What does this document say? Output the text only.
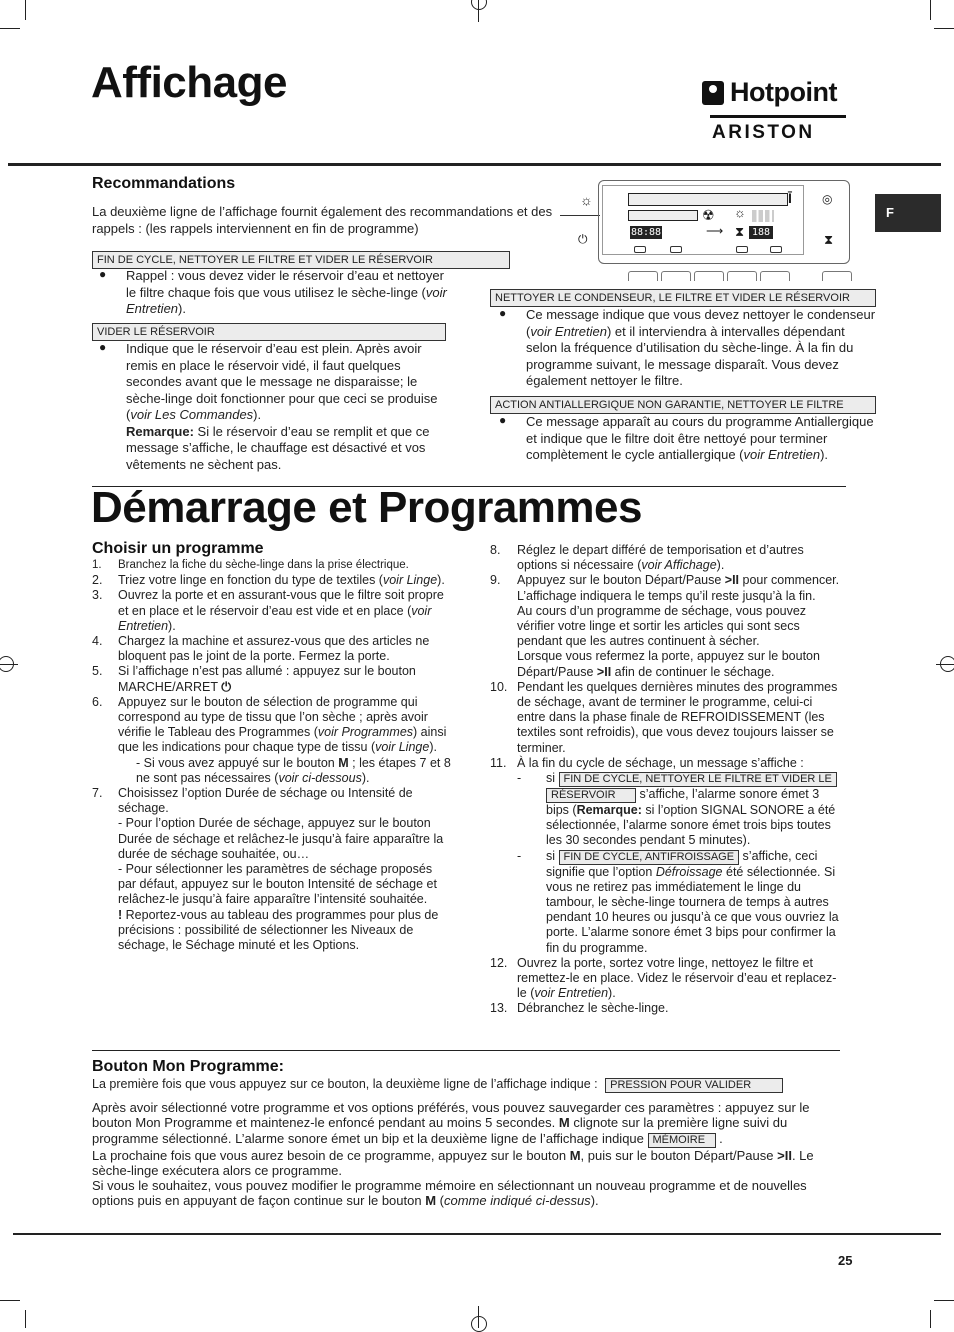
Affichage	Hotpoint
ARISTON
F
Recommandations
La deuxième ligne de l’affichage fournit également des recommandations et des rappels : (les rappels interviennent en fin de programme)
☼
☼
⏻	⧗
⧗
Ī	◎
☢
⟶
88:88	188
FIN DE CYCLE, NETTOYER LE FILTRE ET VIDER LE RÉSERVOIR
● Rappel : vous devez vider le réservoir d’eau et nettoyer le filtre chaque fois que vous utilisez le sèche-linge (voir Entretien).
VIDER LE RÉSERVOIR
● Indique que le réservoir d’eau est plein. Après avoir remis en place le réservoir vidé, il faut quelques secondes avant que le message ne disparaisse; le sèche-linge doit fonctionner pour que ceci se produise (voir Les Commandes).
Remarque: Si le réservoir d’eau se remplit et que ce message s’affiche, le chauffage est désactivé et vos vêtements ne sèchent pas.
NETTOYER LE CONDENSEUR, LE FILTRE ET VIDER LE RÉSERVOIR
● Ce message indique que vous devez nettoyer le condenseur (voir Entretien) et il interviendra à intervalles dépendant selon la fréquence d’utilisation du sèche-linge. À la fin du programme suivant, le message disparaît. Vous devez également nettoyer le filtre.
ACTION ANTIALLERGIQUE NON GARANTIE, NETTOYER LE FILTRE
● Ce message apparaît au cours du programme Antiallergique et indique que le filtre doit être nettoyé pour terminer complètement le cycle antiallergique (voir Entretien).
Démarrage et Programmes
Choisir un programme
1.	Branchez la fiche du sèche-linge dans la prise électrique.
2.	Triez votre linge en fonction du type de textiles (voir Linge).
3.	Ouvrez la porte et en assurant-vous que le filtre soit propre et en place et le réservoir d’eau est vide et en place (voir Entretien).
4.	Chargez la machine et assurez-vous que des articles ne bloquent pas le joint de la porte. Fermez la porte.
5.	Si l’affichage n’est pas allumé : appuyez sur le bouton MARCHE/ARRET ⏻
6.	Appuyez sur le bouton de sélection de programme qui correspond au type de tissu que l’on sèche ; après avoir vérifie le Tableau des Programmes (voir Programmes) ainsi que les indications pour chaque type de tissu (voir Linge).
- Si vous avez appuyé sur le bouton M ; les étapes 7 et 8 ne sont pas nécessaires (voir ci-dessous).
7.	Choisissez l’option Durée de séchage ou Intensité de séchage.
- Pour l’option Durée de séchage, appuyez sur le bouton Durée de séchage et relâchez-le jusqu’à faire apparaître la durée de séchage souhaitée, ou…
- Pour sélectionner les paramètres de séchage proposés par défaut, appuyez sur le bouton Intensité de séchage et relâchez-le jusqu’à faire apparaître l’intensité souhaitée.
! Reportez-vous au tableau des programmes pour plus de précisions : possibilité de sélectionner les Niveaux de séchage, le Séchage minuté et les Options.
8.	Réglez le depart différé de temporisation et d’autres options si nécessaire (voir Affichage).
9.	Appuyez sur le bouton Départ/Pause >II pour commencer. L’affichage indiquera le temps qu’il reste jusqu’à la fin.
Au cours d’un programme de séchage, vous pouvez vérifier votre linge et sortir les articles qui sont secs pendant que les autres continuent à sécher.
Lorsque vous refermez la porte, appuyez sur le bouton Départ/Pause >II afin de continuer le séchage.
10. Pendant les quelques dernières minutes des programmes de séchage, avant de terminer le programme, celui-ci entre dans la phase finale de REFROIDISSEMENT (les textiles sont refroidis), que vous devez toujours laisser se terminer.
11. À la fin du cycle de séchage, un message s’affiche :
- si FIN DE CYCLE, NETTOYER LE FILTRE ET VIDER LE
RÉSERVOIR s’affiche, l’alarme sonore émet 3 bips (Remarque: si l’option SIGNAL SONORE a été sélectionnée, l’alarme sonore émet trois bips toutes les 30 secondes pendant 5 minutes).
- si FIN DE CYCLE, ANTIFROISSAGE s’affiche, ceci signifie que l’option Défroissage été sélectionnée. Si vous ne retirez pas immédiatement le linge du tambour, le sèche-linge tournera de temps à autres pendant 10 heures ou jusqu’à ce que vous ouvriez la porte. L’alarme sonore émet 3 bips pour confirmer la fin du programme.
12. Ouvrez la porte, sortez votre linge, nettoyez le filtre et remettez-le en place. Videz le réservoir d’eau et replacez-le (voir Entretien).
13. Débranchez le sèche-linge.
Bouton Mon Programme:
La première fois que vous appuyez sur ce bouton, la deuxième ligne de l’affichage indique : PRESSION POUR VALIDER
Après avoir sélectionné votre programme et vos options préférés, vous pouvez sauvegarder ces paramètres : appuyez sur le bouton Mon Programme et maintenez-le enfoncé pendant au moins 5 secondes. M clignote sur la première ligne suivi du programme sélectionné. L’alarme sonore émet un bip et la deuxième ligne de l’affichage indique MÉMOIRE .
La prochaine fois que vous aurez besoin de ce programme, appuyez sur le bouton M, puis sur le bouton Départ/Pause >II. Le sèche-linge exécutera alors ce programme.
Si vous le souhaitez, vous pouvez modifier le programme mémoire en sélectionnant un nouveau programme et de nouvelles options puis en appuyant de façon continue sur le bouton M (comme indiqué ci-dessus).
25
